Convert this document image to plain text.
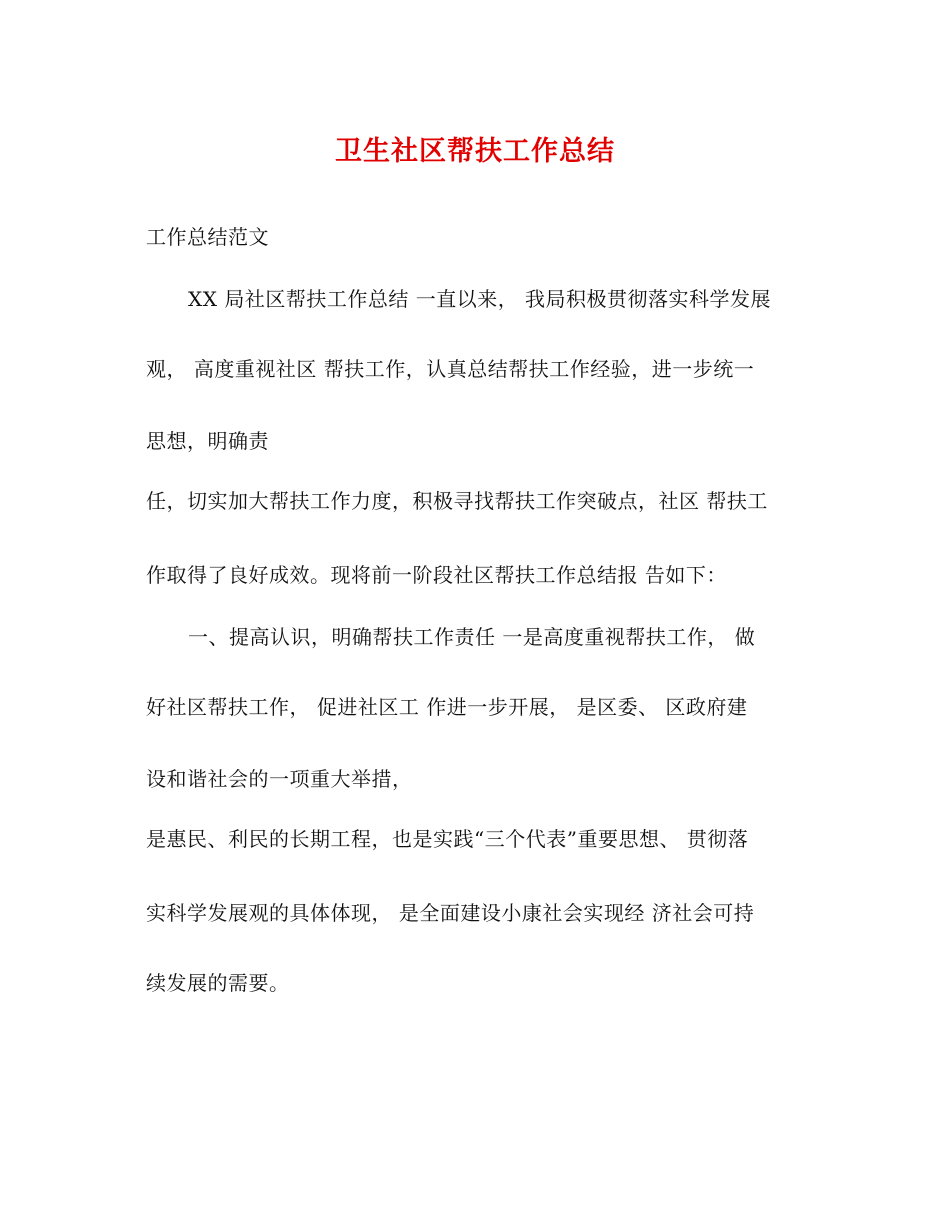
卫生社区帮扶工作总结
工作总结范文
XX 局社区帮扶工作总结 一直以来， 我局积极贯彻落实科学发展
观， 高度重视社区 帮扶工作，认真总结帮扶工作经验，进一步统一
思想，明确责
任，切实加大帮扶工作力度，积极寻找帮扶工作突破点，社区 帮扶工
作取得了良好成效。现将前一阶段社区帮扶工作总结报 告如下：
一、提高认识，明确帮扶工作责任 一是高度重视帮扶工作， 做
好社区帮扶工作， 促进社区工 作进一步开展， 是区委、 区政府建
设和谐社会的一项重大举措，
是惠民、利民的长期工程，也是实践“三个代表”重要思想、 贯彻落
实科学发展观的具体体现， 是全面建设小康社会实现经 济社会可持
续发展的需要。
